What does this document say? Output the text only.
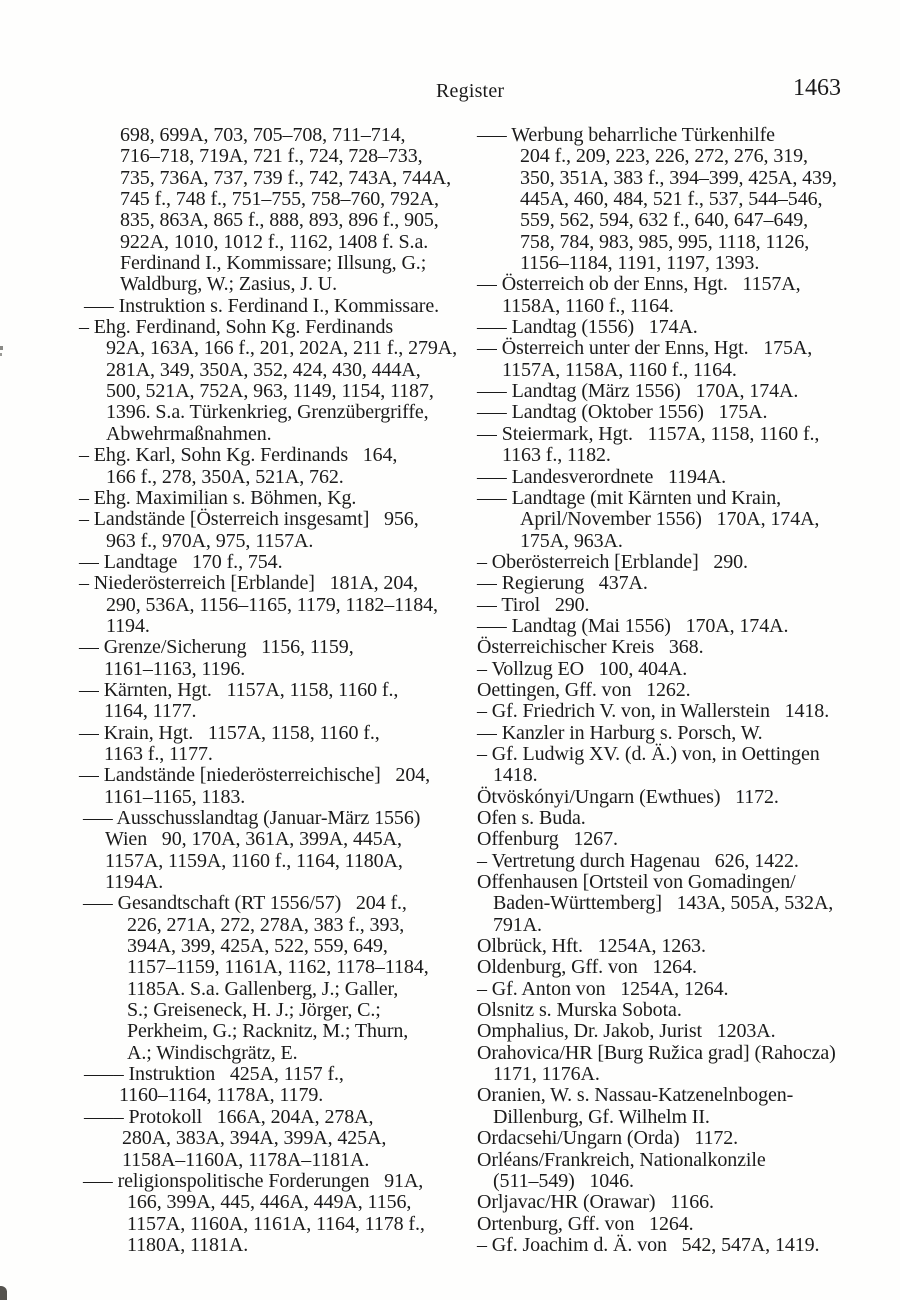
Register	1463
698, 699A, 703, 705–708, 711–714,
716–718, 719A, 721 f., 724, 728–733,
735, 736A, 737, 739 f., 742, 743A, 744A,
745 f., 748 f., 751–755, 758–760, 792A,
835, 863A, 865 f., 888, 893, 896 f., 905,
922A, 1010, 1012 f., 1162, 1408 f. S.a.
Ferdinand I., Kommissare; Illsung, G.;
Waldburg, W.; Zasius, J. U.
––– Instruktion s. Ferdinand I., Kommissare.
– Ehg. Ferdinand, Sohn Kg. Ferdinands
92A, 163A, 166 f., 201, 202A, 211 f., 279A,
281A, 349, 350A, 352, 424, 430, 444A,
500, 521A, 752A, 963, 1149, 1154, 1187,
1396. S.a. Türkenkrieg, Grenzübergriffe,
Abwehrmaßnahmen.
– Ehg. Karl, Sohn Kg. Ferdinands   164,
166 f., 278, 350A, 521A, 762.
– Ehg. Maximilian s. Böhmen, Kg.
– Landstände [Österreich insgesamt]   956,
963 f., 970A, 975, 1157A.
–– Landtage   170 f., 754.
– Niederösterreich [Erblande]   181A, 204,
290, 536A, 1156–1165, 1179, 1182–1184,
1194.
–– Grenze/Sicherung   1156, 1159,
1161–1163, 1196.
–– Kärnten, Hgt.   1157A, 1158, 1160 f.,
1164, 1177.
–– Krain, Hgt.   1157A, 1158, 1160 f.,
1163 f., 1177.
–– Landstände [niederösterreichische]   204,
1161–1165, 1183.
––– Ausschusslandtag (Januar-März 1556)
Wien   90, 170A, 361A, 399A, 445A,
1157A, 1159A, 1160 f., 1164, 1180A,
1194A.
––– Gesandtschaft (RT 1556/57)   204 f.,
226, 271A, 272, 278A, 383 f., 393,
394A, 399, 425A, 522, 559, 649,
1157–1159, 1161A, 1162, 1178–1184,
1185A. S.a. Gallenberg, J.; Galler,
S.; Greiseneck, H. J.; Jörger, C.;
Perkheim, G.; Racknitz, M.; Thurn,
A.; Windischgrätz, E.
–––– Instruktion   425A, 1157 f.,
1160–1164, 1178A, 1179.
–––– Protokoll   166A, 204A, 278A,
280A, 383A, 394A, 399A, 425A,
1158A–1160A, 1178A–1181A.
––– religionspolitische Forderungen   91A,
166, 399A, 445, 446A, 449A, 1156,
1157A, 1160A, 1161A, 1164, 1178 f.,
1180A, 1181A.
––– Werbung beharrliche Türkenhilfe
204 f., 209, 223, 226, 272, 276, 319,
350, 351A, 383 f., 394–399, 425A, 439,
445A, 460, 484, 521 f., 537, 544–546,
559, 562, 594, 632 f., 640, 647–649,
758, 784, 983, 985, 995, 1118, 1126,
1156–1184, 1191, 1197, 1393.
–– Österreich ob der Enns, Hgt.   1157A,
1158A, 1160 f., 1164.
––– Landtag (1556)   174A.
–– Österreich unter der Enns, Hgt.   175A,
1157A, 1158A, 1160 f., 1164.
––– Landtag (März 1556)   170A, 174A.
––– Landtag (Oktober 1556)   175A.
–– Steiermark, Hgt.   1157A, 1158, 1160 f.,
1163 f., 1182.
––– Landesverordnete   1194A.
––– Landtage (mit Kärnten und Krain,
April/November 1556)   170A, 174A,
175A, 963A.
– Oberösterreich [Erblande]   290.
–– Regierung   437A.
–– Tirol   290.
––– Landtag (Mai 1556)   170A, 174A.
Österreichischer Kreis   368.
– Vollzug EO   100, 404A.
Oettingen, Gff. von   1262.
– Gf. Friedrich V. von, in Wallerstein   1418.
–– Kanzler in Harburg s. Porsch, W.
– Gf. Ludwig XV. (d. Ä.) von, in Oettingen
1418.
Ötvöskónyi/Ungarn (Ewthues)   1172.
Ofen s. Buda.
Offenburg   1267.
– Vertretung durch Hagenau   626, 1422.
Offenhausen [Ortsteil von Gomadingen/
Baden-Württemberg]   143A, 505A, 532A,
791A.
Olbrück, Hft.   1254A, 1263.
Oldenburg, Gff. von   1264.
– Gf. Anton von   1254A, 1264.
Olsnitz s. Murska Sobota.
Omphalius, Dr. Jakob, Jurist   1203A.
Orahovica/HR [Burg Ružica grad] (Rahocza)
1171, 1176A.
Oranien, W. s. Nassau-Katzenelnbogen-
Dillenburg, Gf. Wilhelm II.
Ordacsehi/Ungarn (Orda)   1172.
Orléans/Frankreich, Nationalkonzile
(511–549)   1046.
Orljavac/HR (Orawar)   1166.
Ortenburg, Gff. von   1264.
– Gf. Joachim d. Ä. von   542, 547A, 1419.
